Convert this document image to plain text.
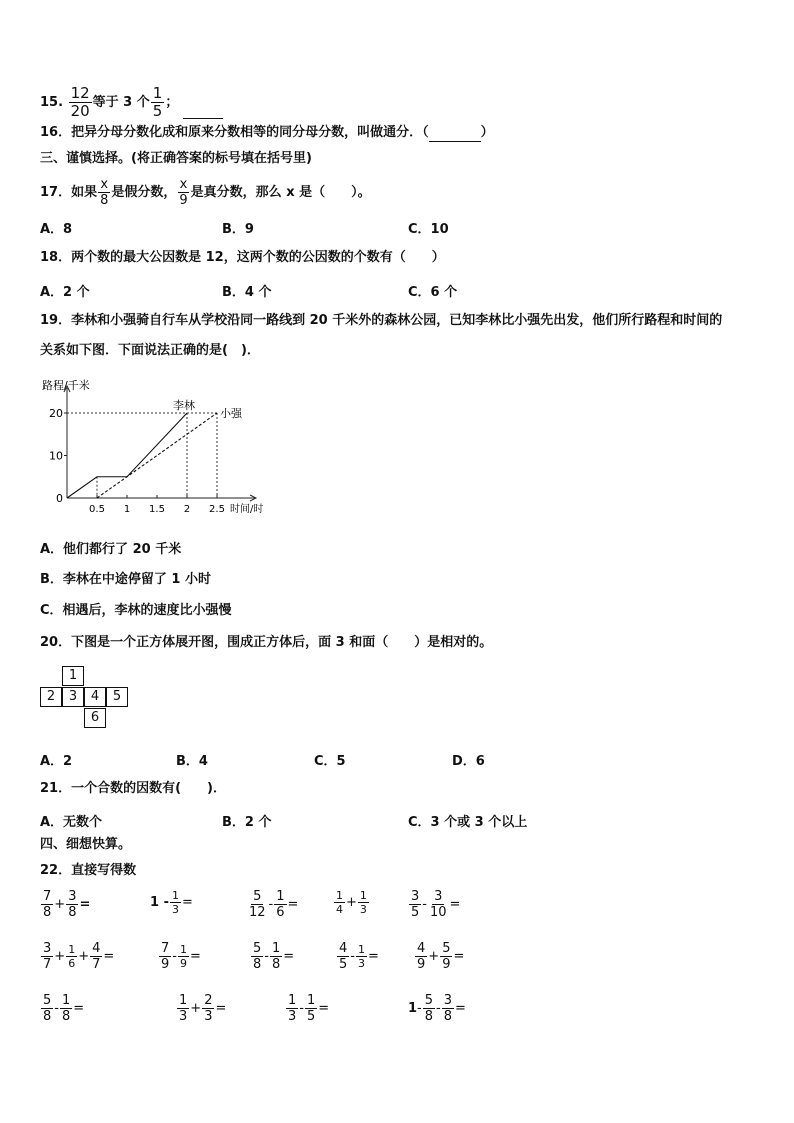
15. $\frac{12}{20}$ 等于 3 个 $\frac{1}{5}$ ；
16．把异分母分数化成和原来分数相等的同分母分数，叫做通分．（	）
三、谨慎选择。(将正确答案的标号填在括号里)
17．如果 $\frac{x}{8}$ 是假分数， $\frac{x}{9}$ 是真分数，那么 x 是（　　）。
A．8	B．9	C．10
18．两个数的最大公因数是 12，这两个数的公因数的个数有（　　）
A．2 个	B．4 个	C．6 个
19．李林和小强骑自行车从学校沿同一路线到 20 千米外的森林公园，已知李林比小强先出发，他们所行路程和时间的
关系如下图．下面说法正确的是(　)．
路程/千米
时间/时
0
10
20
0.5 1 1.5 2 2.5
李林
小强
A．他们都行了 20 千米
B．李林在中途停留了 1 小时
C．相遇后，李林的速度比小强慢
20．下图是一个正方体展开图，围成正方体后，面 3 和面（　　）是相对的。
1
2	3	4	5
6
A．2	B．4	C．5	D．6
21．一个合数的因数有(　　)．
A．无数个	B．2 个	C．3 个或 3 个以上
四、细想快算。
22．直接写得数
$\frac{7}{8} + \frac{3}{8}$ =	$1 - \frac{1}{3}$ =	$\frac{5}{12} - \frac{1}{6}$ =	$\frac{1}{4} + \frac{1}{3}$	$\frac{3}{5} - \frac{3}{10}$ =
$\frac{3}{7} + \frac{1}{6} + \frac{4}{7}$ =	$\frac{7}{9} - \frac{1}{9}$ =	$\frac{5}{8} - \frac{1}{8}$ =	$\frac{4}{5} - \frac{1}{3}$ =	$\frac{4}{9} + \frac{5}{9}$ =
$\frac{5}{8} - \frac{1}{8}$ =	$\frac{1}{3} + \frac{2}{3}$ =	$\frac{1}{3} - \frac{1}{5}$ =	$1 - \frac{5}{8} - \frac{3}{8}$ =
